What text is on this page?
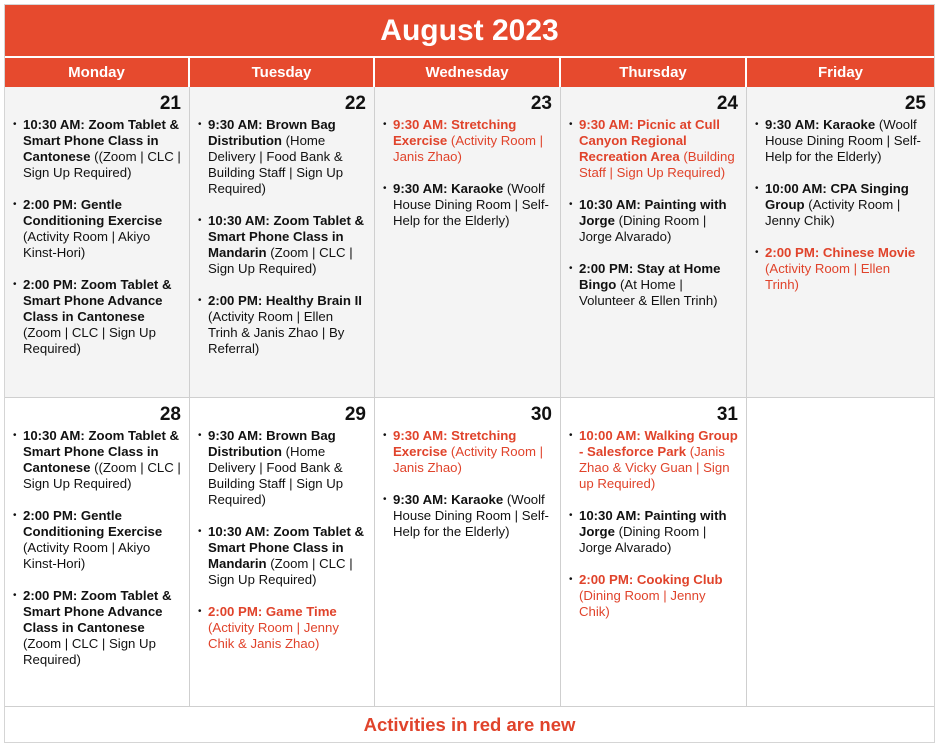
August 2023
Monday	Tuesday	Wednesday	Thursday	Friday
21
• 10:30 AM: Zoom Tablet & Smart Phone Class in Cantonese ((Zoom | CLC | Sign Up Required)
• 2:00 PM: Gentle Conditioning Exercise (Activity Room | Akiyo Kinst-Hori)
• 2:00 PM: Zoom Tablet & Smart Phone Advance Class in Cantonese (Zoom | CLC | Sign Up Required)
22
• 9:30 AM: Brown Bag Distribution (Home Delivery | Food Bank & Building Staff | Sign Up Required)
• 10:30 AM: Zoom Tablet & Smart Phone Class in Mandarin (Zoom | CLC | Sign Up Required)
• 2:00 PM: Healthy Brain II (Activity Room | Ellen Trinh & Janis Zhao | By Referral)
23
• 9:30 AM: Stretching Exercise (Activity Room | Janis Zhao)
• 9:30 AM: Karaoke (Woolf House Dining Room | Self-Help for the Elderly)
24
• 9:30 AM: Picnic at Cull Canyon Regional Recreation Area (Building Staff | Sign Up Required)
• 10:30 AM: Painting with Jorge (Dining Room | Jorge Alvarado)
• 2:00 PM: Stay at Home Bingo (At Home | Volunteer & Ellen Trinh)
25
• 9:30 AM: Karaoke (Woolf House Dining Room | Self-Help for the Elderly)
• 10:00 AM: CPA Singing Group (Activity Room | Jenny Chik)
• 2:00 PM: Chinese Movie (Activity Room | Ellen Trinh)
28
• 10:30 AM: Zoom Tablet & Smart Phone Class in Cantonese ((Zoom | CLC | Sign Up Required)
• 2:00 PM: Gentle Conditioning Exercise (Activity Room | Akiyo Kinst-Hori)
• 2:00 PM: Zoom Tablet & Smart Phone Advance Class in Cantonese (Zoom | CLC | Sign Up Required)
29
• 9:30 AM: Brown Bag Distribution (Home Delivery | Food Bank & Building Staff | Sign Up Required)
• 10:30 AM: Zoom Tablet & Smart Phone Class in Mandarin (Zoom | CLC | Sign Up Required)
• 2:00 PM: Game Time (Activity Room | Jenny Chik & Janis Zhao)
30
• 9:30 AM: Stretching Exercise (Activity Room | Janis Zhao)
• 9:30 AM: Karaoke (Woolf House Dining Room | Self-Help for the Elderly)
31
• 10:00 AM: Walking Group - Salesforce Park (Janis Zhao & Vicky Guan | Sign up Required)
• 10:30 AM: Painting with Jorge (Dining Room | Jorge Alvarado)
• 2:00 PM: Cooking Club (Dining Room | Jenny Chik)
Activities in red are new
